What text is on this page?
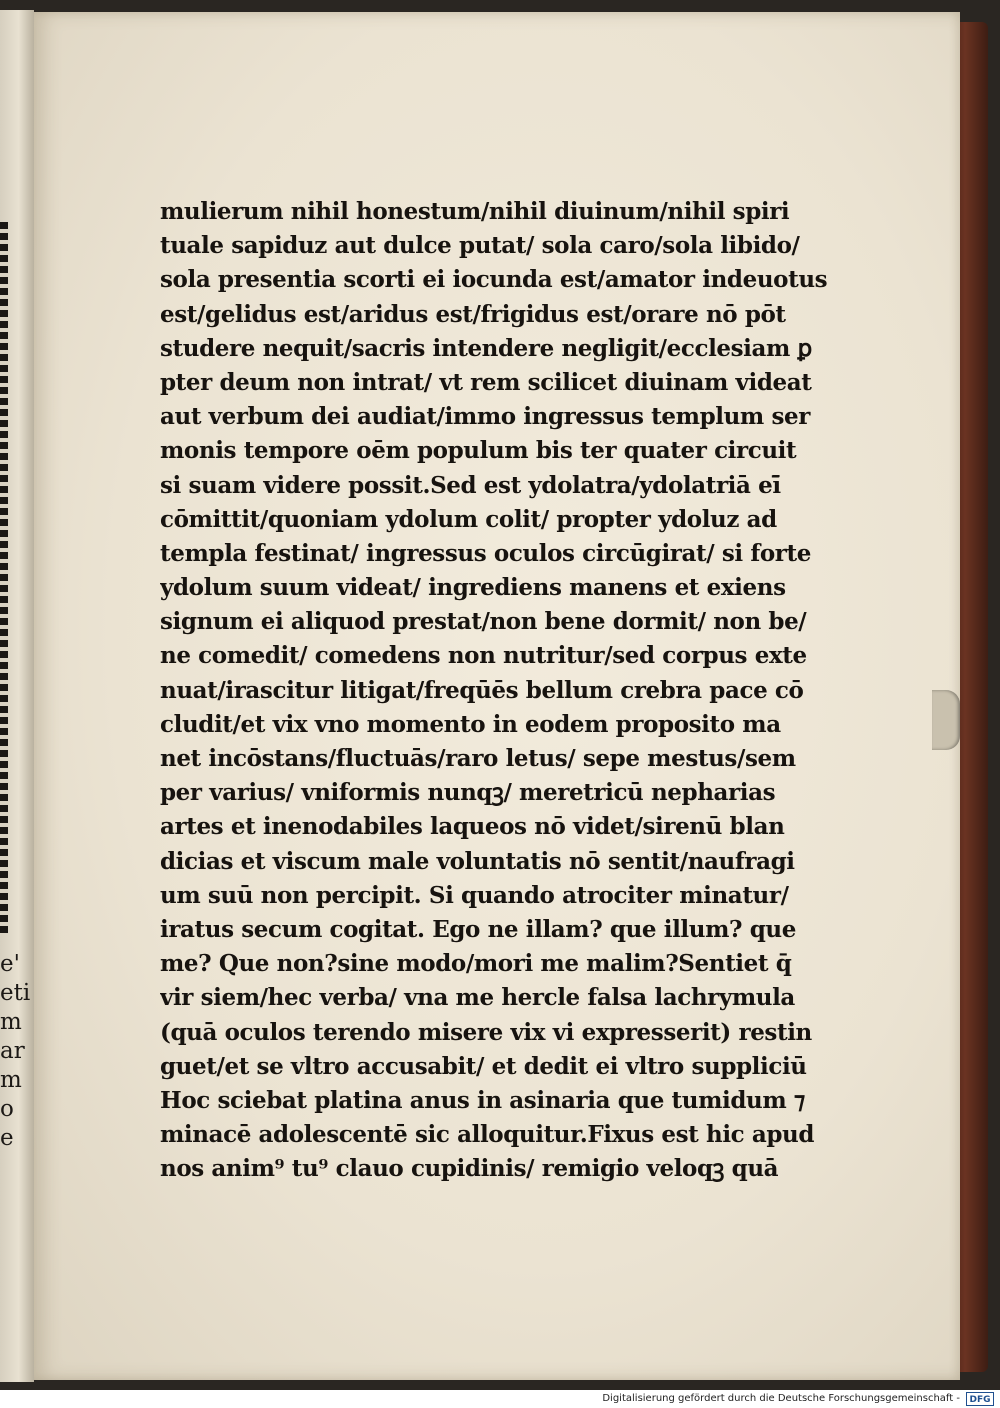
e'
eti
m
ar
m
o
e
mulierum nihil honestum/nihil diuinum/nihil spiri
tuale sapiduz aut dulce putat/ sola caro/sola libido/
sola presentia scorti ei iocunda est/amator indeuotus
est/gelidus est/aridus est/frigidus est/orare nō pōt
studere nequit/sacris intendere negligit/ecclesiam ꝑ
pter deum non intrat/ vt rem scilicet diuinam videat
aut verbum dei audiat/immo ingressus templum ser
monis tempore oēm populum bis ter quater circuit
si suam videre possit.Sed est ydolatra/ydolatriā eī̄
cōmittit/quoniam ydolum colit/ propter ydoluz ad
templa festinat/ ingressus oculos circūgirat/ si forte
ydolum suum videat/ ingrediens manens et exiens
signum ei aliquod prestat/non bene dormit/ non be/
ne comedit/ comedens non nutritur/sed corpus exte
nuat/irascitur litigat/freqūēs bellum crebra pace cō
cludit/et vix vno momento in eodem proposito ma
net incōstans/fluctuās/raro letus/ sepe mestus/sem
per varius/ vniformis nunqꝫ/ meretricū nepharias
artes et inenodabiles laqueos nō videt/sirenū blan
dicias et viscum male voluntatis nō sentit/naufragi
um suū non percipit. Si quando atrociter minatur/
iratus secum cogitat. Ego ne illam? que illum? que
me? Que non?sine modo/mori me malim?Sentiet q̄
vir siem/hec verba/ vna me hercle falsa lachrymula
(quā oculos terendo misere vix vi expresserit) restin
guet/et se vltro accusabit/ et dedit ei vltro suppliciū
Hoc sciebat platina anus in asinaria que tumidum ⁊
minacē adolescentē sic alloquitur.Fixus est hic apud
nos anim⁹ tu⁹ clauo cupidinis/ remigio veloqꝫ quā
Digitalisierung gefördert durch die Deutsche Forschungsgemeinschaft -	DFG
